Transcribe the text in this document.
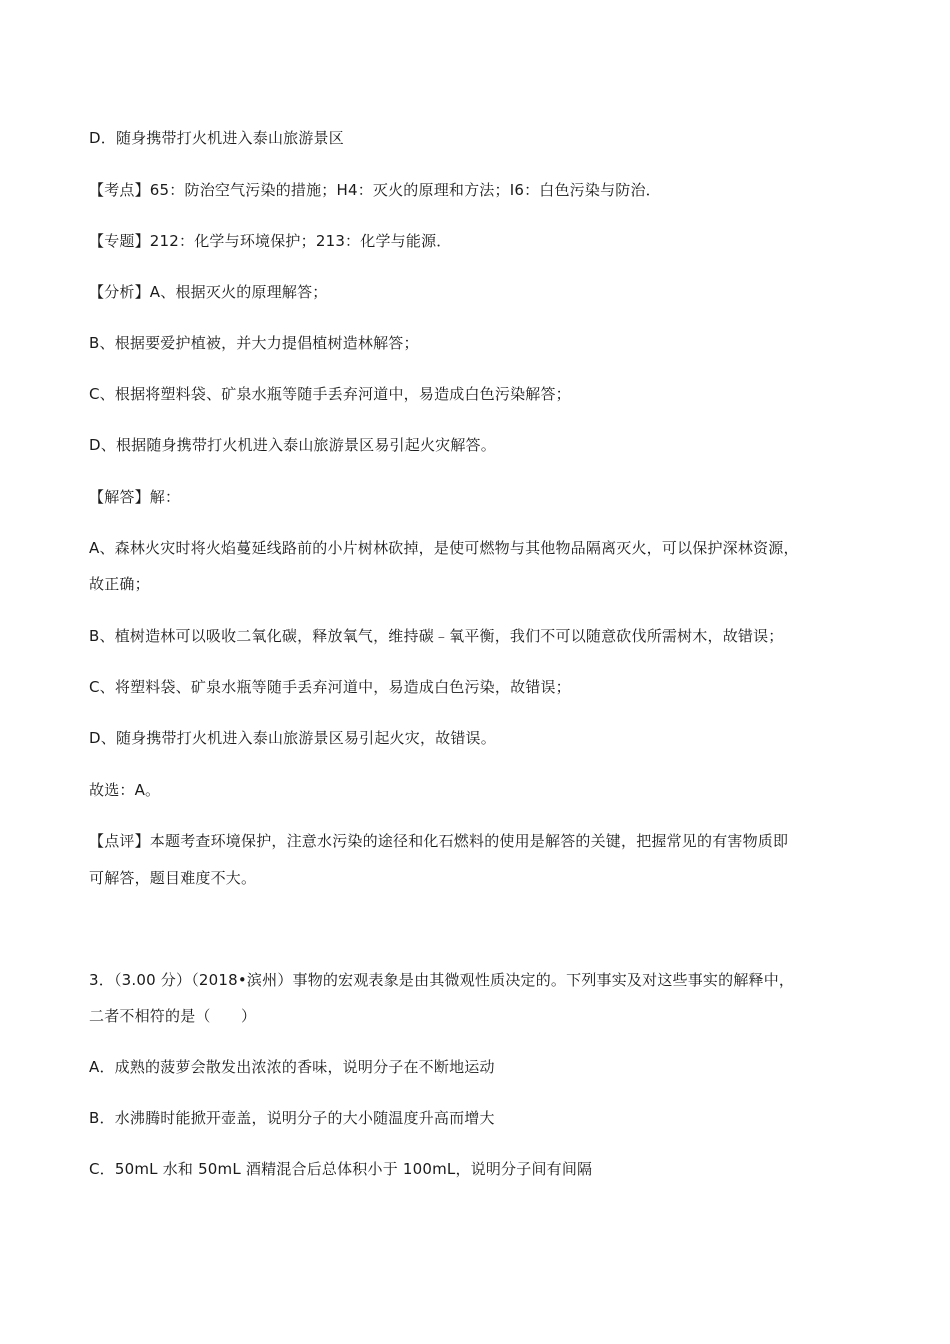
D．随身携带打火机进入泰山旅游景区
【考点】65：防治空气污染的措施；H4：灭火的原理和方法；I6：白色污染与防治．
【专题】212：化学与环境保护；213：化学与能源．
【分析】A、根据灭火的原理解答；
B、根据要爱护植被，并大力提倡植树造林解答；
C、根据将塑料袋、矿泉水瓶等随手丢弃河道中，易造成白色污染解答；
D、根据随身携带打火机进入泰山旅游景区易引起火灾解答。
【解答】解：
A、森林火灾时将火焰蔓延线路前的小片树林砍掉，是使可燃物与其他物品隔离灭火，可以保护深林资源，
故正确；
B、植树造林可以吸收二氧化碳，释放氧气，维持碳﹣氧平衡，我们不可以随意砍伐所需树木，故错误；
C、将塑料袋、矿泉水瓶等随手丢弃河道中，易造成白色污染，故错误；
D、随身携带打火机进入泰山旅游景区易引起火灾，故错误。
故选：A。
【点评】本题考查环境保护，注意水污染的途径和化石燃料的使用是解答的关键，把握常见的有害物质即
可解答，题目难度不大。
3．（3.00 分）（2018•滨州）事物的宏观表象是由其微观性质决定的。下列事实及对这些事实的解释中，
二者不相符的是（　　）
A．成熟的菠萝会散发出浓浓的香味，说明分子在不断地运动
B．水沸腾时能掀开壶盖，说明分子的大小随温度升高而增大
C．50mL 水和 50mL 酒精混合后总体积小于 100mL，说明分子间有间隔
